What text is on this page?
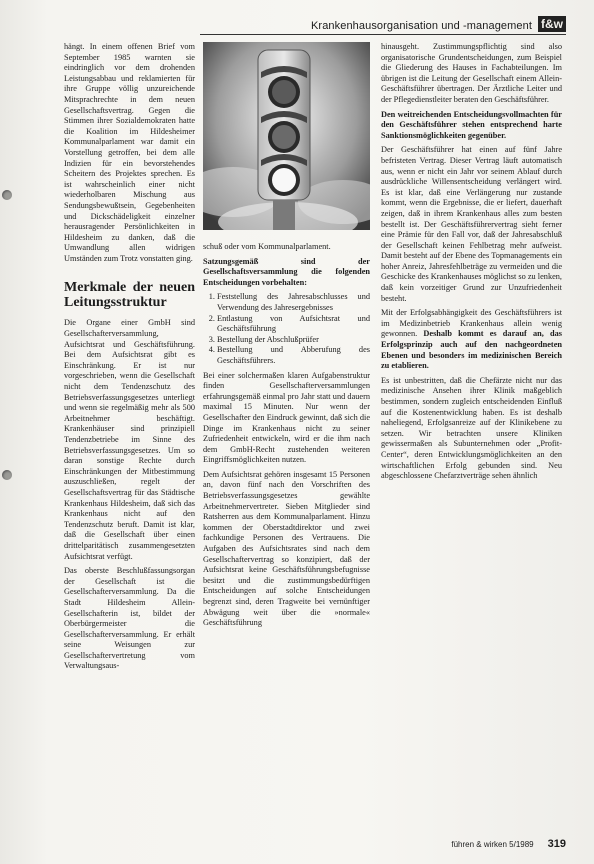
Krankenhausorganisation und -management f&w

hängt. In einem offenen Brief vom September 1985 warnten sie eindringlich vor dem drohenden Leistungsabbau und reklamierten für ihre Gruppe völlig unzureichende Mitsprachrechte in dem neuen Gesellschaftsvertrag. Gegen die Stimmen ihrer Sozialdemokraten hatte die Koalition im Hildesheimer Kommunalparlament war damit ein Vorstellung getroffen, bei dem alle Indizien für ein bevorstehendes Scheitern des Projektes sprechen. Es ist wahrscheinlich einer nicht wiederholbaren Mischung aus Sendungsbewußtsein, Gegebenheiten und Dickschädeligkeit einzelner herausragender Persönlichkeiten in Hildesheim zu danken, daß die Umwandlung allen widrigen Umständen zum Trotz vonstatten ging.

Merkmale der neuen Leitungsstruktur

Die Organe einer GmbH sind Gesellschafterversammlung, Aufsichtsrat und Geschäftsführung. Bei dem Aufsichtsrat gibt es Einschränkung. Er ist nur vorgeschrieben, wenn die Gesellschaft nicht dem Tendenzschutz des Betriebsverfassungsgesetzes unterliegt und wenn sie regelmäßig mehr als 500 Arbeitnehmer beschäftigt. Krankenhäuser sind prinzipiell Tendenzbetriebe im Sinne des Betriebsverfassungsgesetzes. Um so daran sonstige Rechte durch Einschränkungen der Mitbestimmung auszuschließen, regelt der Gesellschaftsvertrag für das Städtische Krankenhaus Hildesheim, daß sich das Krankenhaus nicht auf den Tendenzschutz beruft. Damit ist klar, daß die Gesellschaft über einen drittelparitätisch zusammengesetzten Aufsichtsrat verfügt.

Das oberste Beschlußfassungsorgan der Gesellschaft ist die Gesellschafterversammlung. Da die Stadt Hildesheim Allein-Gesellschafterin ist, bildet der Oberbürgermeister die Gesellschafterversammlung. Er erhält seine Weisungen zur Gesellschaftervertretung vom Verwaltungsaus-

schuß oder vom Kommunalparlament.

Satzungsgemäß sind der Gesellschaftsversammlung die folgenden Entscheidungen vorbehalten:

1. Feststellung des Jahresabschlusses und Verwendung des Jahresergebnisses
2. Entlastung von Aufsichtsrat und Geschäftsführung
3. Bestellung der Abschlußprüfer
4. Bestellung und Abberufung des Geschäftsführers.

Bei einer solchermaßen klaren Aufgabenstruktur finden Gesellschafterversammlungen erfahrungsgemäß einmal pro Jahr statt und dauern maximal 15 Minuten. Nur wenn der Gesellschafter den Eindruck gewinnt, daß sich die Dinge im Krankenhaus nicht zu seiner Zufriedenheit entwickeln, wird er die ihm nach dem GmbH-Recht zustehenden weiteren Eingriffsmöglichkeiten nutzen.

Dem Aufsichtsrat gehören insgesamt 15 Personen an, davon fünf nach den Vorschriften des Betriebsverfassungsgesetzes gewählte Arbeitnehmervertreter. Sieben Mitglieder sind Ratsherren aus dem Kommunalparlament. Hinzu kommen der Oberstadtdirektor und zwei fachkundige Personen des Vertrauens. Die Aufgaben des Aufsichtsrates sind nach dem Gesellschaftervertrag so konzipiert, daß der Aufsichtsrat keine Geschäftsführungsbefugnisse besitzt und die zustimmungsbedürftigen Entscheidungen auf solche Entscheidungen begrenzt sind, deren Tragweite bei vernünftiger Abwägung weit über die »normale« Geschäftsführung

hinausgeht. Zustimmungspflichtig sind also organisatorische Grundentscheidungen, zum Beispiel die Gliederung des Hauses in Fachabteilungen. Im übrigen ist die Leitung der Gesellschaft einem Allein-Geschäftsführer übertragen. Der Ärztliche Leiter und der Pflegedienstleiter beraten den Geschäftsführer.

Den weitreichenden Entscheidungsvollmachten für den Geschäftsführer stehen entsprechend harte Sanktionsmöglichkeiten gegenüber.

Der Geschäftsführer hat einen auf fünf Jahre befristeten Vertrag. Dieser Vertrag läuft automatisch aus, wenn er nicht ein Jahr vor seinem Ablauf durch ausdrückliche Willensentscheidung verlängert wird. Es ist klar, daß eine Verlängerung nur zustande kommt, wenn die Ergebnisse, die er liefert, dauerhaft zeigen, daß in ihrem Krankenhaus alles zum besten bestellt ist. Der Geschäftsführervertrag sieht ferner eine Prämie für den Fall vor, daß der Jahresabschluß der Gesellschaft keinen Fehlbetrag mehr aufweist. Damit besteht auf der Ebene des Topmanagements ein hoher Anreiz, Jahresfehlbeträge zu vermeiden und die Geschicke des Krankenhauses möglichst so zu lenken, daß kein vorzeitiger Grund zur Unzufriedenheit besteht.

Mit der Erfolgsabhängigkeit des Geschäftsführers ist im Medizinbetrieb Krankenhaus allein wenig gewonnen. Deshalb kommt es darauf an, das Erfolgsprinzip auch auf den nachgeordneten Ebenen und besonders im medizinischen Bereich zu etablieren.

Es ist unbestritten, daß die Chefärzte nicht nur das medizinische Ansehen ihrer Klinik maßgeblich bestimmen, sondern zugleich entscheidenden Einfluß auf die Kostenentwicklung haben. Es ist deshalb naheliegend, Erfolgsanreize auf der Klinikebene zu setzen. Wir betrachten unsere Kliniken gewissermaßen als Subunternehmen oder „Profit-Center“, deren Entwicklungsmöglichkeiten an den wirtschaftlichen Erfolg gebunden sind. Neu abgeschlossene Chefarztverträge sehen ähnlich

führen & wirken 5/1989 319
